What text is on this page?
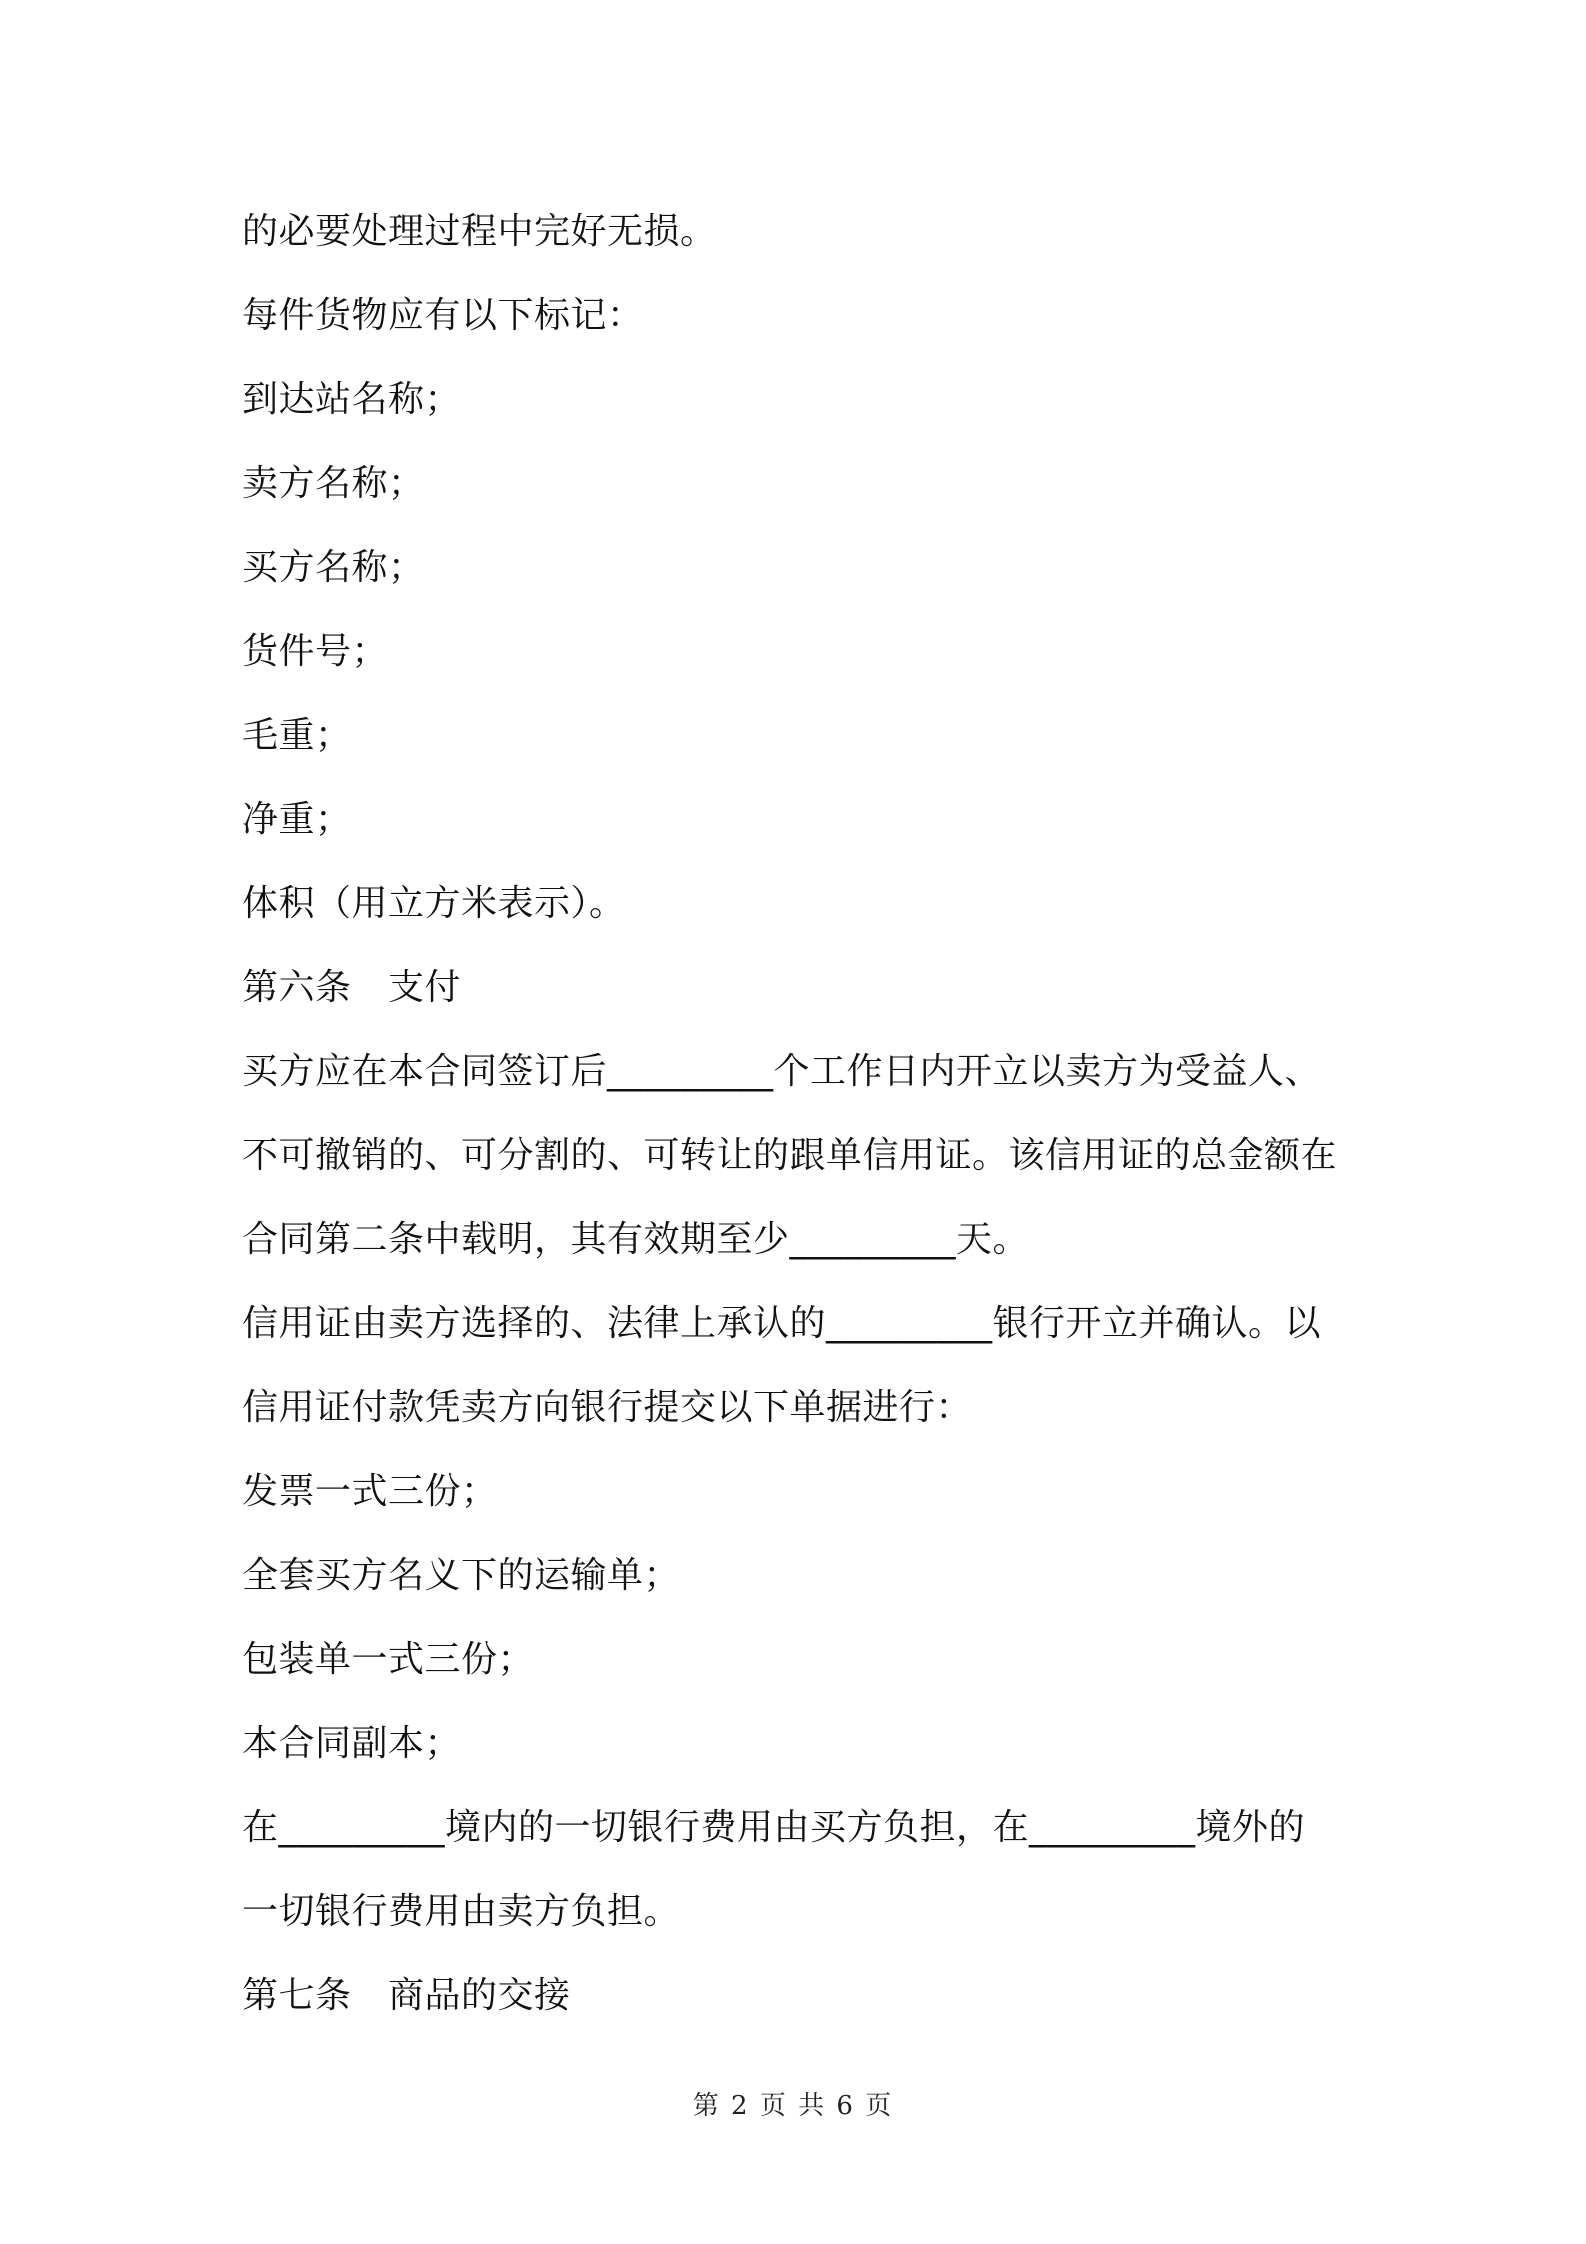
的必要处理过程中完好无损。
每件货物应有以下标记：
到达站名称；
卖方名称；
买方名称；
货件号；
毛重；
净重；
体积（用立方米表示）。
第六条　支付
买方应在本合同签订后_________个工作日内开立以卖方为受益人、
不可撤销的、可分割的、可转让的跟单信用证。该信用证的总金额在
合同第二条中载明，其有效期至少_________天。
信用证由卖方选择的、法律上承认的_________银行开立并确认。以
信用证付款凭卖方向银行提交以下单据进行：
发票一式三份；
全套买方名义下的运输单；
包装单一式三份；
本合同副本；
在_________境内的一切银行费用由买方负担，在_________境外的
一切银行费用由卖方负担。
第七条　商品的交接
第 2 页 共 6 页
